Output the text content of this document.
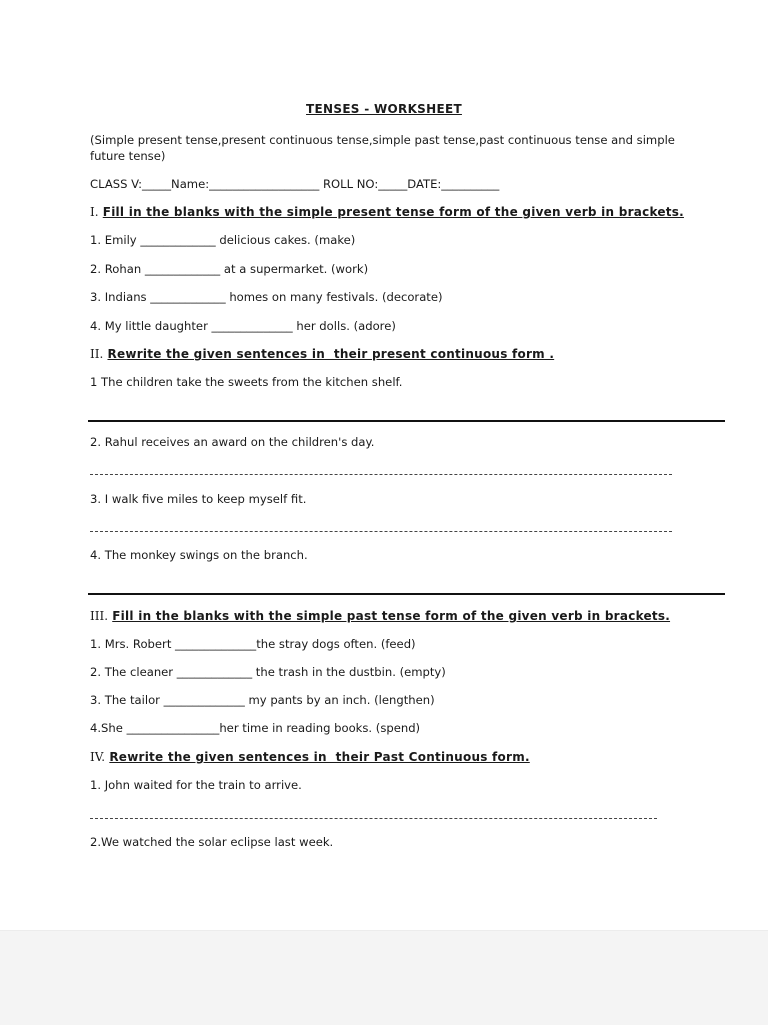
TENSES - WORKSHEET
(Simple present tense,present continuous tense,simple past tense,past continuous tense and simple future tense)
CLASS V:_____Name:___________________ ROLL NO:_____DATE:__________
I. Fill in the blanks with the simple present tense form of the given verb in brackets.
1. Emily _____________ delicious cakes. (make)
2. Rohan _____________ at a supermarket. (work)
3. Indians _____________ homes on many festivals. (decorate)
4. My little daughter ______________ her dolls. (adore)
II. Rewrite the given sentences in  their present continuous form .
1 The children take the sweets from the kitchen shelf.
2. Rahul receives an award on the children's day.
3. I walk five miles to keep myself fit.
4. The monkey swings on the branch.
III. Fill in the blanks with the simple past tense form of the given verb in brackets.
1. Mrs. Robert ______________the stray dogs often. (feed)
2. The cleaner _____________ the trash in the dustbin. (empty)
3. The tailor ______________ my pants by an inch. (lengthen)
4.She ________________her time in reading books. (spend)
IV. Rewrite the given sentences in  their Past Continuous form.
1. John waited for the train to arrive.
2.We watched the solar eclipse last week.
